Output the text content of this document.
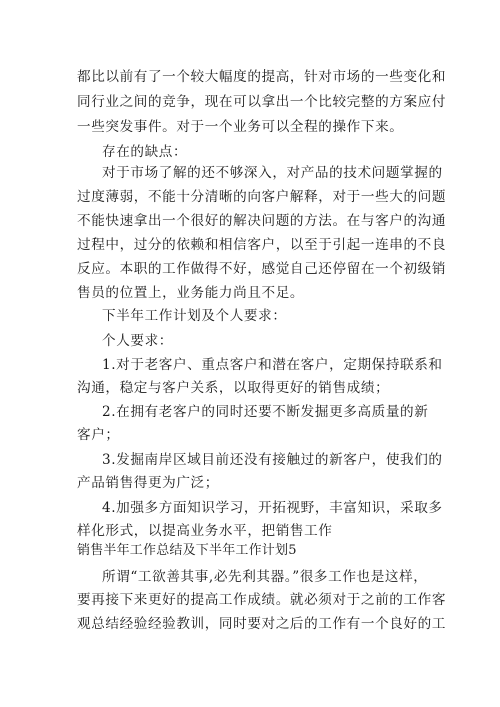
都比以前有了一个较大幅度的提高，针对市场的一些变化和
同行业之间的竞争，现在可以拿出一个比较完整的方案应付
一些突发事件。对于一个业务可以全程的操作下来。
存在的缺点：
对于市场了解的还不够深入，对产品的技术问题掌握的
过度薄弱，不能十分清晰的向客户解释，对于一些大的问题
不能快速拿出一个很好的解决问题的方法。在与客户的沟通
过程中，过分的依赖和相信客户，以至于引起一连串的不良
反应。本职的工作做得不好，感觉自己还停留在一个初级销
售员的位置上，业务能力尚且不足。
下半年工作计划及个人要求：
个人要求：
1.对于老客户、重点客户和潜在客户，定期保持联系和
沟通，稳定与客户关系，以取得更好的销售成绩；
2.在拥有老客户的同时还要不断发掘更多高质量的新
客户；
3.发掘南岸区域目前还没有接触过的新客户，使我们的
产品销售得更为广泛；
4.加强多方面知识学习，开拓视野，丰富知识，采取多
样化形式，以提高业务水平，把销售工作
销售半年工作总结及下半年工作计划5
所谓“工欲善其事,必先利其器。”很多工作也是这样，
要再接下来更好的提高工作成绩。就必须对于之前的工作客
观总结经验经验教训，同时要对之后的工作有一个良好的工
